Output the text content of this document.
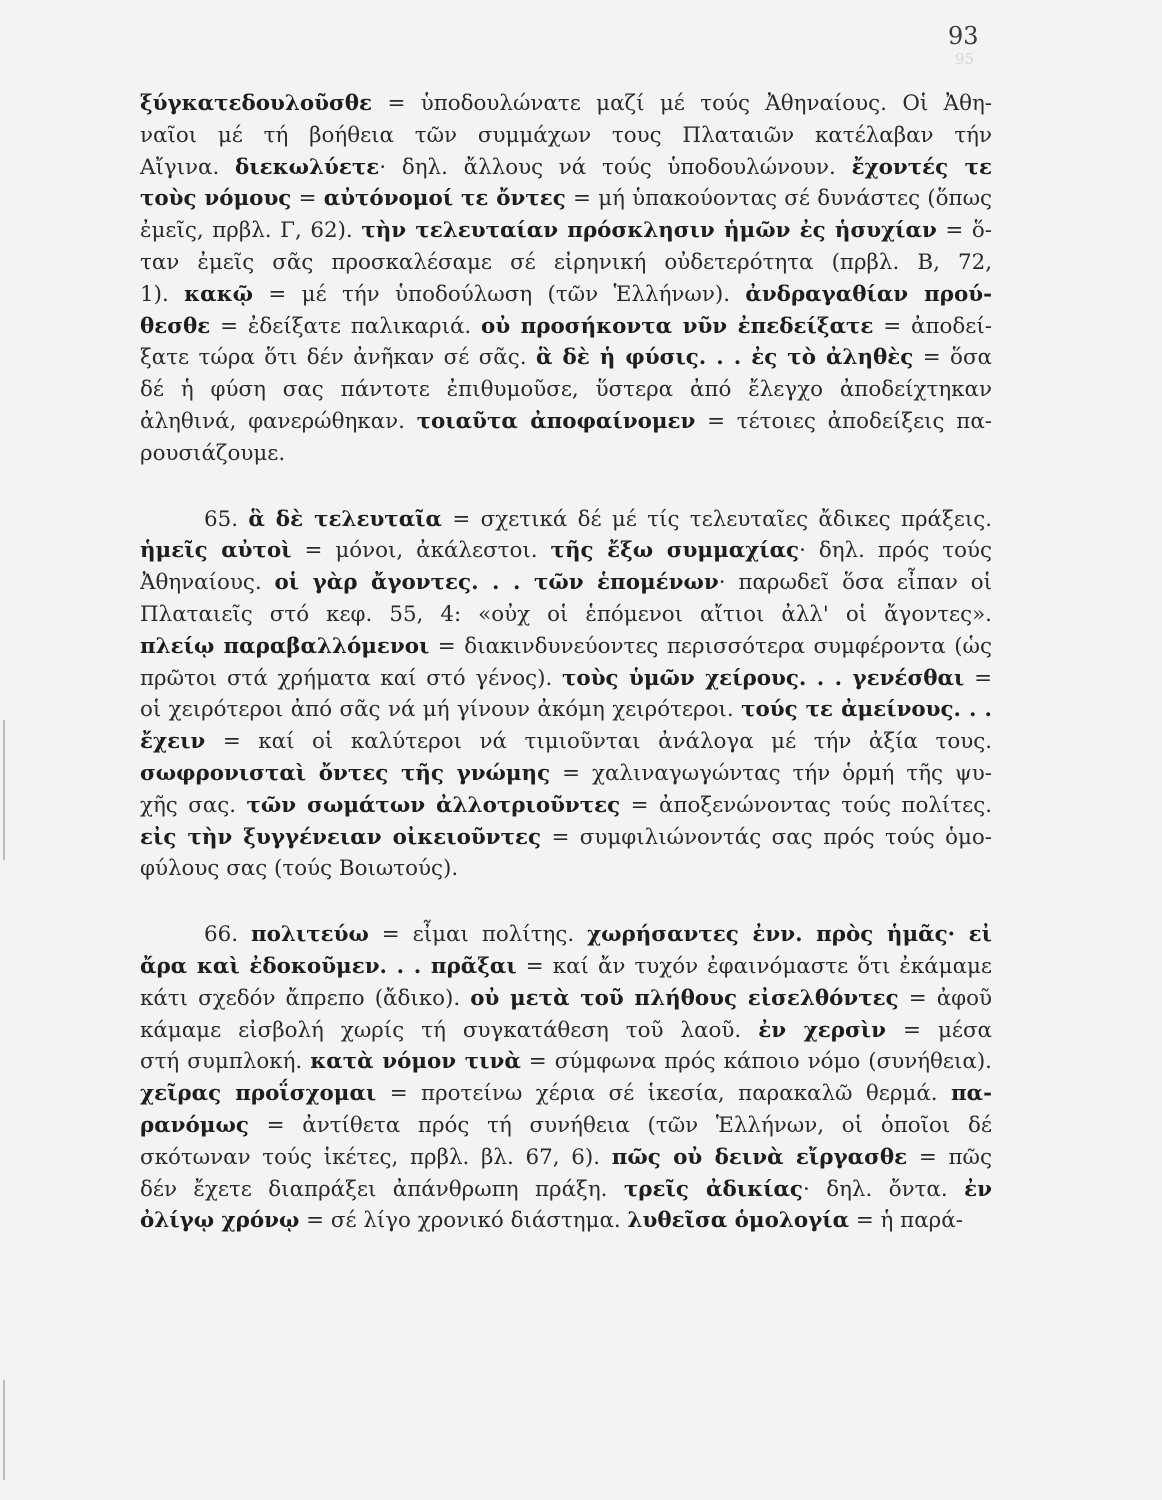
93
95
ξύγκατεδουλοῦσθε = ὑποδουλώνατε μαζί μέ τούς Ἀθηναίους. Οἱ Ἀθη-
ναῖοι μέ τή βοήθεια τῶν συμμάχων τους Πλαταιῶν κατέλαβαν τήν
Αἴγινα. διεκωλύετε· δηλ. ἄλλους νά τούς ὑποδουλώνουν. ἔχοντές τε
τοὺς νόμους = αὐτόνομοί τε ὄντες = μή ὑπακούοντας σέ δυνάστες (ὅπως
ἐμεῖς, πρβλ. Γ, 62). τὴν τελευταίαν πρόσκλησιν ἡμῶν ἐς ἡσυχίαν = ὅ-
ταν ἐμεῖς σᾶς προσκαλέσαμε σέ εἰρηνική οὐδετερότητα (πρβλ. Β, 72,
1). κακῷ = μέ τήν ὑποδούλωση (τῶν Ἑλλήνων). ἀνδραγαθίαν πρού-
θεσθε = ἐδείξατε παλικαριά. οὐ προσήκοντα νῦν ἐπεδείξατε = ἀποδεί-
ξατε τώρα ὅτι δέν ἀνῆκαν σέ σᾶς. ἃ δὲ ἡ φύσις. . . ἐς τὸ ἀληθὲς = ὅσα
δέ ἡ φύση σας πάντοτε ἐπιθυμοῦσε, ὕστερα ἀπό ἔλεγχο ἀποδείχτηκαν
ἀληθινά, φανερώθηκαν. τοιαῦτα ἀποφαίνομεν = τέτοιες ἀποδείξεις πα-
ρουσιάζουμε.
65. ἃ δὲ τελευταῖα = σχετικά δέ μέ τίς τελευταῖες ἄδικες πράξεις.
ἡμεῖς αὐτοὶ = μόνοι, ἀκάλεστοι. τῆς ἔξω συμμαχίας· δηλ. πρός τούς
Ἀθηναίους. οἱ γὰρ ἄγοντες. . . τῶν ἑπομένων· παρωδεῖ ὅσα εἶπαν οἱ
Πλαταιεῖς στό κεφ. 55, 4: «οὐχ οἱ ἑπόμενοι αἴτιοι ἀλλ' οἱ ἄγοντες».
πλείῳ παραβαλλόμενοι = διακινδυνεύοντες περισσότερα συμφέροντα (ὡς
πρῶτοι στά χρήματα καί στό γένος). τοὺς ὑμῶν χείρους. . . γενέσθαι =
οἱ χειρότεροι ἀπό σᾶς νά μή γίνουν ἀκόμη χειρότεροι. τούς τε ἀμείνους. . .
ἔχειν = καί οἱ καλύτεροι νά τιμιοῦνται ἀνάλογα μέ τήν ἀξία τους.
σωφρονισταὶ ὄντες τῆς γνώμης = χαλιναγωγώντας τήν ὁρμή τῆς ψυ-
χῆς σας. τῶν σωμάτων ἀλλοτριοῦντες = ἀποξενώνοντας τούς πολίτες.
εἰς τὴν ξυγγένειαν οἰκειοῦντες = συμφιλιώνοντάς σας πρός τούς ὁμο-
φύλους σας (τούς Βοιωτούς).
66. πολιτεύω = εἶμαι πολίτης. χωρήσαντες ἐνν. πρὸς ἡμᾶς· εἰ
ἄρα καὶ ἐδοκοῦμεν. . . πρᾶξαι = καί ἄν τυχόν ἐφαινόμαστε ὅτι ἐκάμαμε
κάτι σχεδόν ἄπρεπο (ἄδικο). οὐ μετὰ τοῦ πλήθους εἰσελθόντες = ἀφοῦ
κάμαμε εἰσβολή χωρίς τή συγκατάθεση τοῦ λαοῦ. ἐν χερσὶν = μέσα
στή συμπλοκή. κατὰ νόμον τινὰ = σύμφωνα πρός κάποιο νόμο (συνήθεια).
χεῖρας προΐσχομαι = προτείνω χέρια σέ ἱκεσία, παρακαλῶ θερμά. πα-
ρανόμως = ἀντίθετα πρός τή συνήθεια (τῶν Ἑλλήνων, οἱ ὁποῖοι δέ
σκότωναν τούς ἱκέτες, πρβλ. βλ. 67, 6). πῶς οὐ δεινὰ εἴργασθε = πῶς
δέν ἔχετε διαπράξει ἀπάνθρωπη πράξη. τρεῖς ἀδικίας· δηλ. ὄντα. ἐν
ὀλίγῳ χρόνῳ = σέ λίγο χρονικό διάστημα. λυθεῖσα ὁμολογία = ἡ παρά-
